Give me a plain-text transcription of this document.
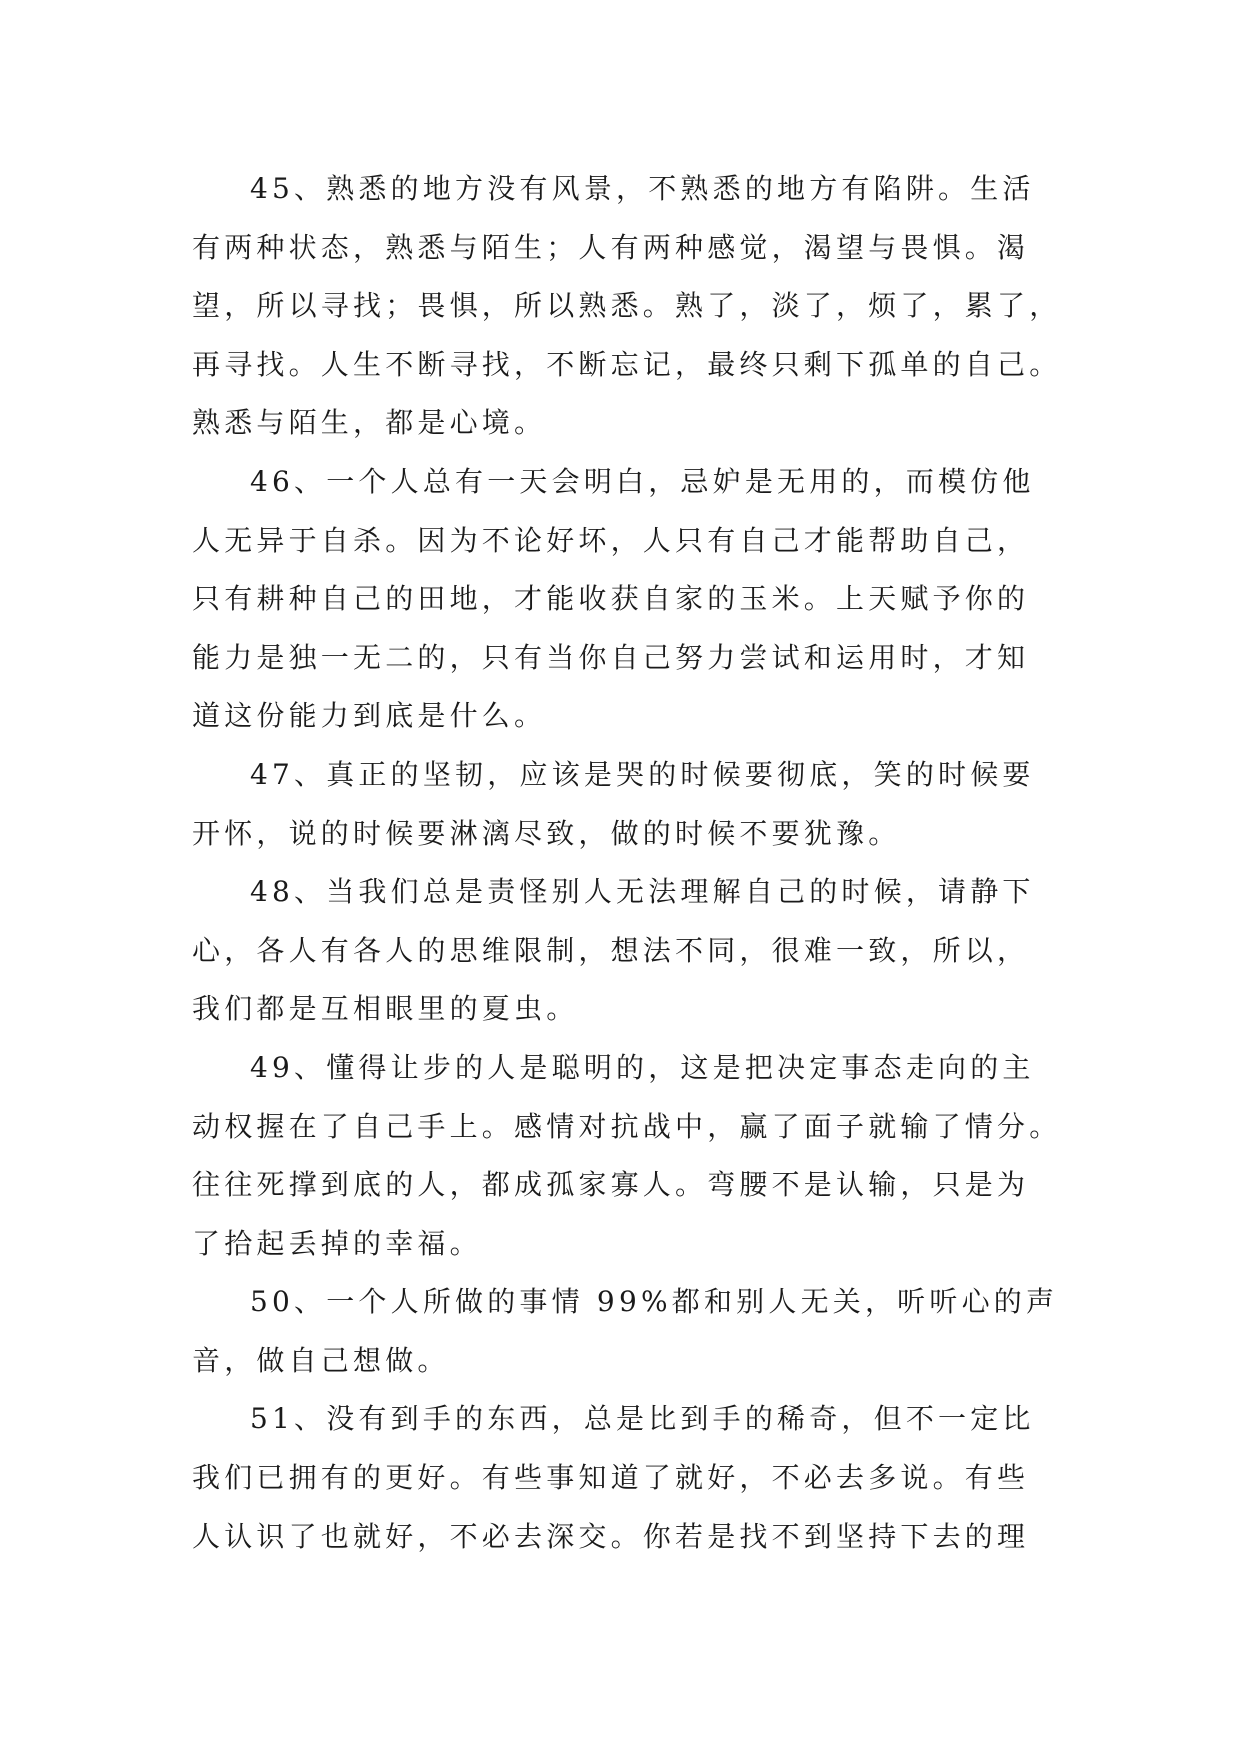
45、熟悉的地方没有风景，不熟悉的地方有陷阱。生活
有两种状态，熟悉与陌生；人有两种感觉，渴望与畏惧。渴
望，所以寻找；畏惧，所以熟悉。熟了，淡了，烦了，累了，
再寻找。人生不断寻找，不断忘记，最终只剩下孤单的自己。
熟悉与陌生，都是心境。
46、一个人总有一天会明白，忌妒是无用的，而模仿他
人无异于自杀。因为不论好坏，人只有自己才能帮助自己，
只有耕种自己的田地，才能收获自家的玉米。上天赋予你的
能力是独一无二的，只有当你自己努力尝试和运用时，才知
道这份能力到底是什么。
47、真正的坚韧，应该是哭的时候要彻底，笑的时候要
开怀，说的时候要淋漓尽致，做的时候不要犹豫。
48、当我们总是责怪别人无法理解自己的时候，请静下
心，各人有各人的思维限制，想法不同，很难一致，所以，
我们都是互相眼里的夏虫。
49、懂得让步的人是聪明的，这是把决定事态走向的主
动权握在了自己手上。感情对抗战中，赢了面子就输了情分。
往往死撑到底的人，都成孤家寡人。弯腰不是认输，只是为
了拾起丢掉的幸福。
50、一个人所做的事情 99%都和别人无关，听听心的声
音，做自己想做。
51、没有到手的东西，总是比到手的稀奇，但不一定比
我们已拥有的更好。有些事知道了就好，不必去多说。有些
人认识了也就好，不必去深交。你若是找不到坚持下去的理
